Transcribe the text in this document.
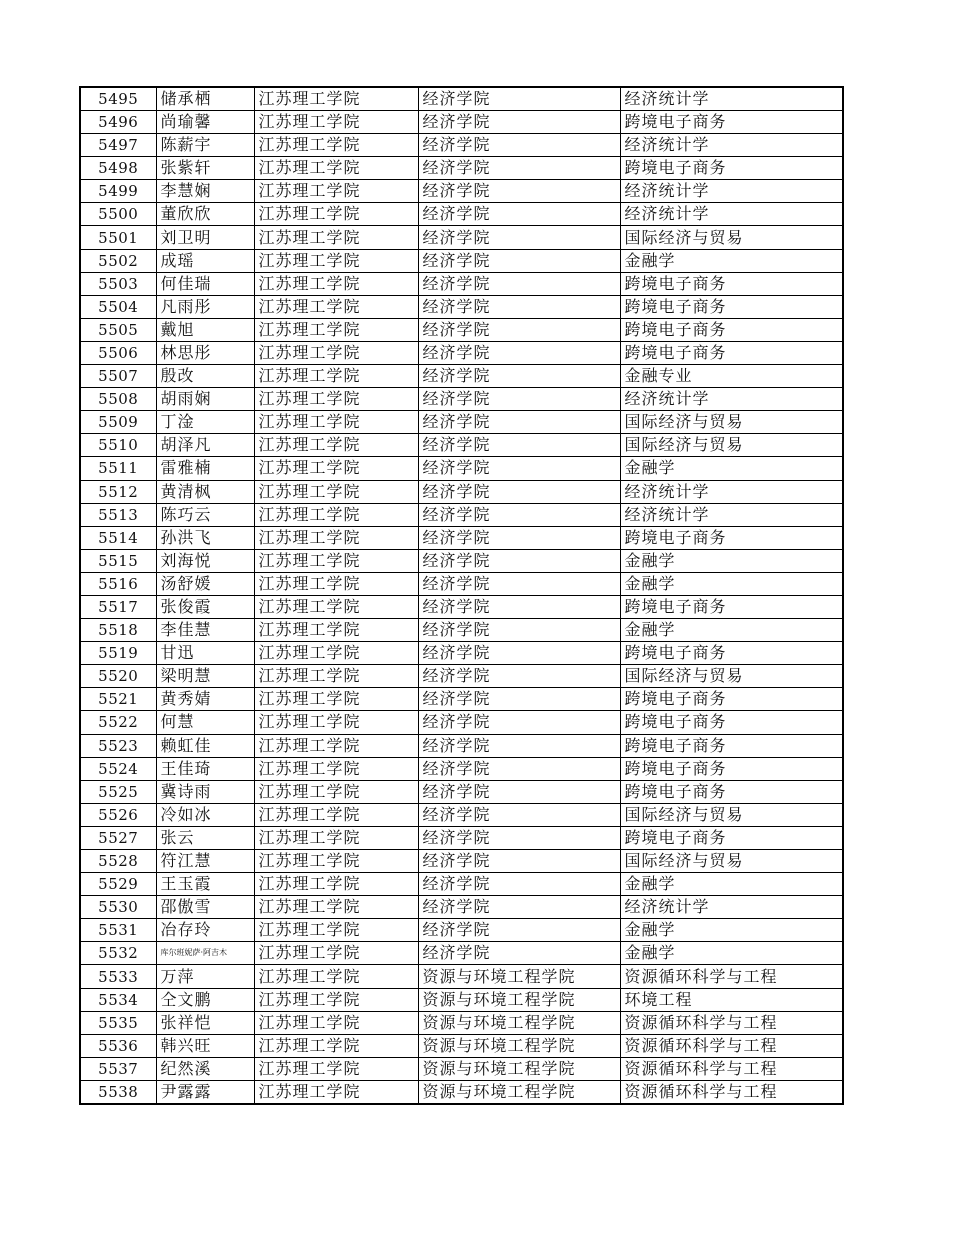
5495	储承栖	江苏理工学院	经济学院	经济统计学
5496	尚瑜馨	江苏理工学院	经济学院	跨境电子商务
5497	陈薪宇	江苏理工学院	经济学院	经济统计学
5498	张紫轩	江苏理工学院	经济学院	跨境电子商务
5499	李慧娴	江苏理工学院	经济学院	经济统计学
5500	董欣欣	江苏理工学院	经济学院	经济统计学
5501	刘卫明	江苏理工学院	经济学院	国际经济与贸易
5502	成瑶	江苏理工学院	经济学院	金融学
5503	何佳瑞	江苏理工学院	经济学院	跨境电子商务
5504	凡雨彤	江苏理工学院	经济学院	跨境电子商务
5505	戴旭	江苏理工学院	经济学院	跨境电子商务
5506	林思彤	江苏理工学院	经济学院	跨境电子商务
5507	殷改	江苏理工学院	经济学院	金融专业
5508	胡雨娴	江苏理工学院	经济学院	经济统计学
5509	丁淦	江苏理工学院	经济学院	国际经济与贸易
5510	胡泽凡	江苏理工学院	经济学院	国际经济与贸易
5511	雷雅楠	江苏理工学院	经济学院	金融学
5512	黄清枫	江苏理工学院	经济学院	经济统计学
5513	陈巧云	江苏理工学院	经济学院	经济统计学
5514	孙洪飞	江苏理工学院	经济学院	跨境电子商务
5515	刘海悦	江苏理工学院	经济学院	金融学
5516	汤舒媛	江苏理工学院	经济学院	金融学
5517	张俊霞	江苏理工学院	经济学院	跨境电子商务
5518	李佳慧	江苏理工学院	经济学院	金融学
5519	甘迅	江苏理工学院	经济学院	跨境电子商务
5520	梁明慧	江苏理工学院	经济学院	国际经济与贸易
5521	黄秀婧	江苏理工学院	经济学院	跨境电子商务
5522	何慧	江苏理工学院	经济学院	跨境电子商务
5523	赖虹佳	江苏理工学院	经济学院	跨境电子商务
5524	王佳琦	江苏理工学院	经济学院	跨境电子商务
5525	冀诗雨	江苏理工学院	经济学院	跨境电子商务
5526	冷如冰	江苏理工学院	经济学院	国际经济与贸易
5527	张云	江苏理工学院	经济学院	跨境电子商务
5528	符江慧	江苏理工学院	经济学院	国际经济与贸易
5529	王玉霞	江苏理工学院	经济学院	金融学
5530	邵傲雪	江苏理工学院	经济学院	经济统计学
5531	冶存玲	江苏理工学院	经济学院	金融学
5532	库尔班妮萨·阿吉木	江苏理工学院	经济学院	金融学
5533	万萍	江苏理工学院	资源与环境工程学院	资源循环科学与工程
5534	仝文鹏	江苏理工学院	资源与环境工程学院	环境工程
5535	张祥恺	江苏理工学院	资源与环境工程学院	资源循环科学与工程
5536	韩兴旺	江苏理工学院	资源与环境工程学院	资源循环科学与工程
5537	纪然溪	江苏理工学院	资源与环境工程学院	资源循环科学与工程
5538	尹露露	江苏理工学院	资源与环境工程学院	资源循环科学与工程
